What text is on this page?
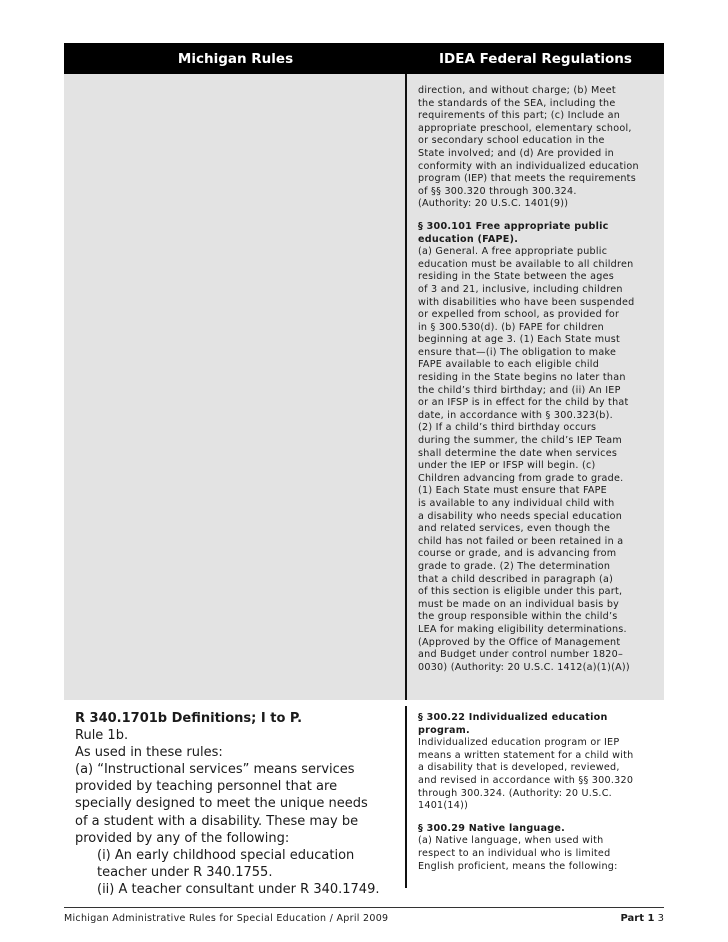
Michigan Rules	IDEA Federal Regulations

direction, and without charge; (b) Meet

the standards of the SEA, including the

requirements of this part; (c) Include an

appropriate preschool, elementary school,

or secondary school education in the

State involved; and (d) Are provided in

conformity with an individualized education

program (IEP) that meets the requirements

of §§ 300.320 through 300.324.

(Authority: 20 U.S.C. 1401(9))

§ 300.101 Free appropriate public

education (FAPE).

(a) General. A free appropriate public

education must be available to all children

residing in the State between the ages

of 3 and 21, inclusive, including children

with disabilities who have been suspended

or expelled from school, as provided for

in § 300.530(d). (b) FAPE for children

beginning at age 3. (1) Each State must

ensure that—(i) The obligation to make

FAPE available to each eligible child

residing in the State begins no later than

the child’s third birthday; and (ii) An IEP

or an IFSP is in effect for the child by that

date, in accordance with § 300.323(b).

(2) If a child’s third birthday occurs

during the summer, the child’s IEP Team

shall determine the date when services

under the IEP or IFSP will begin. (c)

Children advancing from grade to grade.

(1) Each State must ensure that FAPE

is available to any individual child with

a disability who needs special education

and related services, even though the

child has not failed or been retained in a

course or grade, and is advancing from

grade to grade. (2) The determination

that a child described in paragraph (a)

of this section is eligible under this part,

must be made on an individual basis by

the group responsible within the child’s

LEA for making eligibility determinations.

(Approved by the Office of Management

and Budget under control number 1820–

0030) (Authority: 20 U.S.C. 1412(a)(1)(A))

§ 300.22 Individualized education

program.

Individualized education program or IEP

means a written statement for a child with

a disability that is developed, reviewed,

and revised in accordance with §§ 300.320

through 300.324. (Authority: 20 U.S.C.

1401(14))

§ 300.29 Native language.

(a) Native language, when used with

respect to an individual who is limited

English proficient, means the following:

R 340.1701b Definitions; I to P.

Rule 1b.

As used in these rules:

(a) “Instructional services” means services

provided by teaching personnel that are

specially designed to meet the unique needs

of a student with a disability. These may be

provided by any of the following:

(i) An early childhood special education

teacher under R 340.1755.

(ii) A teacher consultant under R 340.1749.

Michigan Administrative Rules for Special Education / April 2009	Part 1 3
